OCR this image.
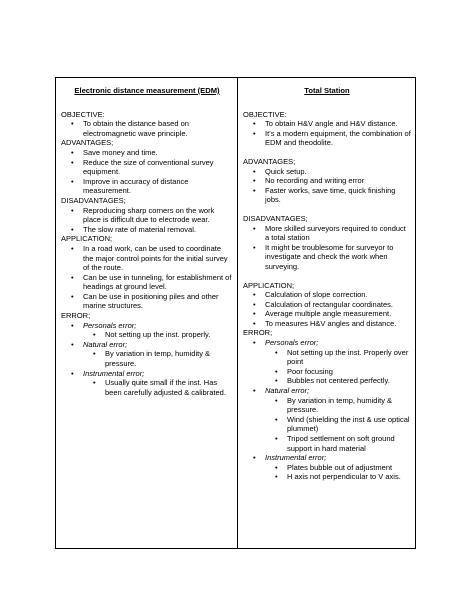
Electronic distance measurement (EDM)
OBJECTIVE:
• To obtain the distance based on electromagnetic wave principle.
ADVANTAGES;
• Save money and time.
• Reduce the size of conventional survey equipment.
• Improve in accuracy of distance measurement.
DISADVANTAGES;
• Reproducing sharp corners on the work place is difficult due to electrode wear.
• The slow rate of material removal.
APPLICATION;
• In a road work, can be used to coordinate the major control points for the initial survey of the route.
• Can be use in tunneling, for establishment of headings at ground level.
• Can be use in positioning piles and other marine structures.
ERROR;
• Personals error;
• Not setting up the inst. properly.
• Natural error;
• By variation in temp, humidity & pressure.
• Instrumental error;
• Usually quite small if the inst. Has been carefully adjusted & calibrated.
Total Station
OBJECTIVE:
• To obtain H&V angle and H&V distance.
• It’s a modern equipment, the combination of EDM and theodolite.
ADVANTAGES;
• Quick setup.
• No recording and writing error
• Faster works, save time, quick finishing jobs.
DISADVANTAGES;
• More skilled surveyors required to conduct a total station
• It might be troublesome for surveyor to investigate and check the work when surveying.
APPLICATION;
• Calculation of slope correction.
• Calculation of rectangular coordinates.
• Average multiple angle measurement.
• To measures H&V angles and distance.
ERROR;
• Personals error;
• Not setting up the inst. Properly over point
• Poor focusing
• Bubbles not centered perfectly.
• Natural error;
• By variation in temp, humidity & pressure.
• Wind (shielding the inst & use optical plummet)
• Tripod settlement on soft ground support in hard material
• Instrumental error;
• Plates bubble out of adjustment
• H axis not perpendicular to V axis.
